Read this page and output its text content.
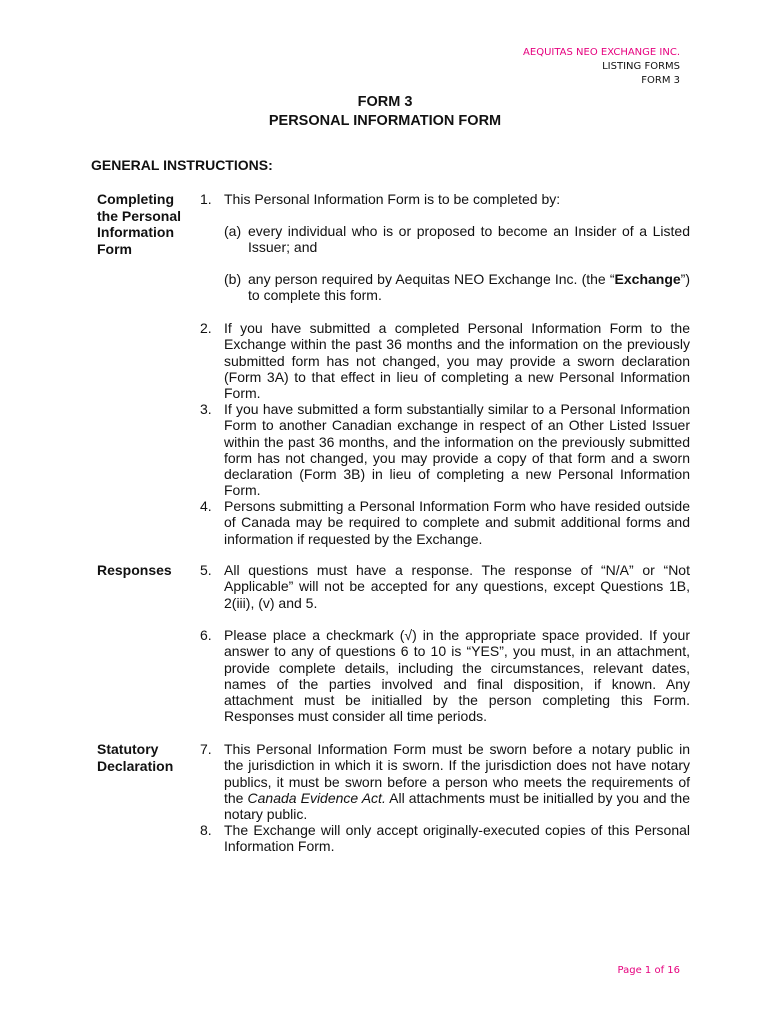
AEQUITAS NEO EXCHANGE INC.
LISTING FORMS
FORM 3
FORM 3
PERSONAL INFORMATION FORM
GENERAL INSTRUCTIONS:
Completing the Personal Information Form
Responses
Statutory Declaration
1. This Personal Information Form is to be completed by:
(a) every individual who is or proposed to become an Insider of a Listed Issuer; and
(b) any person required by Aequitas NEO Exchange Inc. (the “Exchange”) to complete this form.
2. If you have submitted a completed Personal Information Form to the Exchange within the past 36 months and the information on the previously submitted form has not changed, you may provide a sworn declaration (Form 3A) to that effect in lieu of completing a new Personal Information Form.
3. If you have submitted a form substantially similar to a Personal Information Form to another Canadian exchange in respect of an Other Listed Issuer within the past 36 months, and the information on the previously submitted form has not changed, you may provide a copy of that form and a sworn declaration (Form 3B) in lieu of completing a new Personal Information Form.
4. Persons submitting a Personal Information Form who have resided outside of Canada may be required to complete and submit additional forms and information if requested by the Exchange.
5. All questions must have a response. The response of “N/A” or “Not Applicable” will not be accepted for any questions, except Questions 1B, 2(iii), (v) and 5.
6. Please place a checkmark (√) in the appropriate space provided. If your answer to any of questions 6 to 10 is “YES”, you must, in an attachment, provide complete details, including the circumstances, relevant dates, names of the parties involved and final disposition, if known. Any attachment must be initialled by the person completing this Form. Responses must consider all time periods.
7. This Personal Information Form must be sworn before a notary public in the jurisdiction in which it is sworn. If the jurisdiction does not have notary publics, it must be sworn before a person who meets the requirements of the Canada Evidence Act. All attachments must be initialled by you and the notary public.
8. The Exchange will only accept originally-executed copies of this Personal Information Form.
Page 1 of 16
